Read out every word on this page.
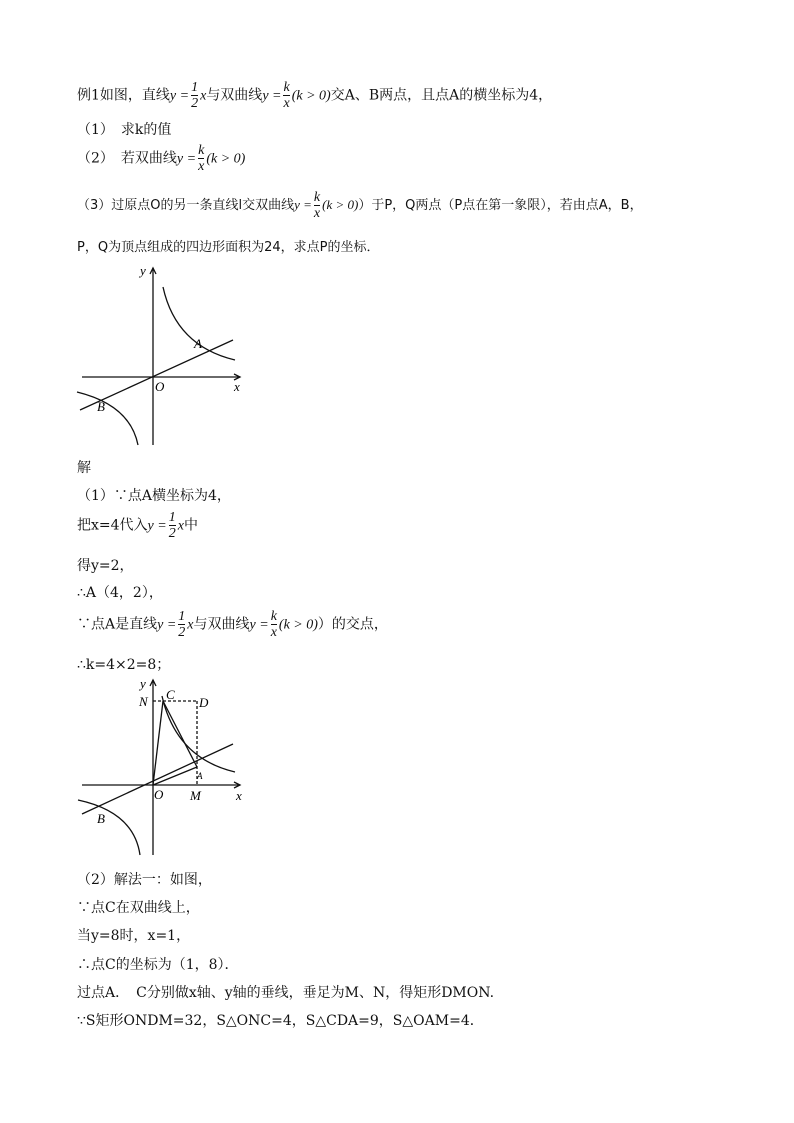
例1如图，直线$y = \frac{1}{2}$ x与双曲线$y = \frac{k}{x} (k > 0)$交A、B两点，且点A的横坐标为4，
（1）　求k的值
（2）　若双曲线$y = \frac{k}{x} (k > 0)$
（3）过原点O的另一条直线l交双曲线$y = \frac{k}{x} (k > 0)$）于P，Q两点（P点在第一象限），若由点A，B，
P，Q为顶点组成的四边形面积为24，求点P的坐标．
y
x
O
A
B
解
（1）∵点A横坐标为4，
把x=4代入$y = \frac{1}{2}$ x中
得y=2，
∴A（4，2），
∵点A是直线$y = \frac{1}{2}$ x与双曲线$y = \frac{k}{x} (k > 0)$）的交点，
∴k=4×2=8；
y
x
O
N C
D
A
M
B
（2）解法一：如图，
∵点C在双曲线上，
当y=8时，x=1，
∴点C的坐标为（1，8）．
过点A．　C分别做x轴、y轴的垂线，垂足为M、N，得矩形DMON.
∵S矩形ONDM=32，S△ONC=4，S△CDA=9，S△OAM=4．
